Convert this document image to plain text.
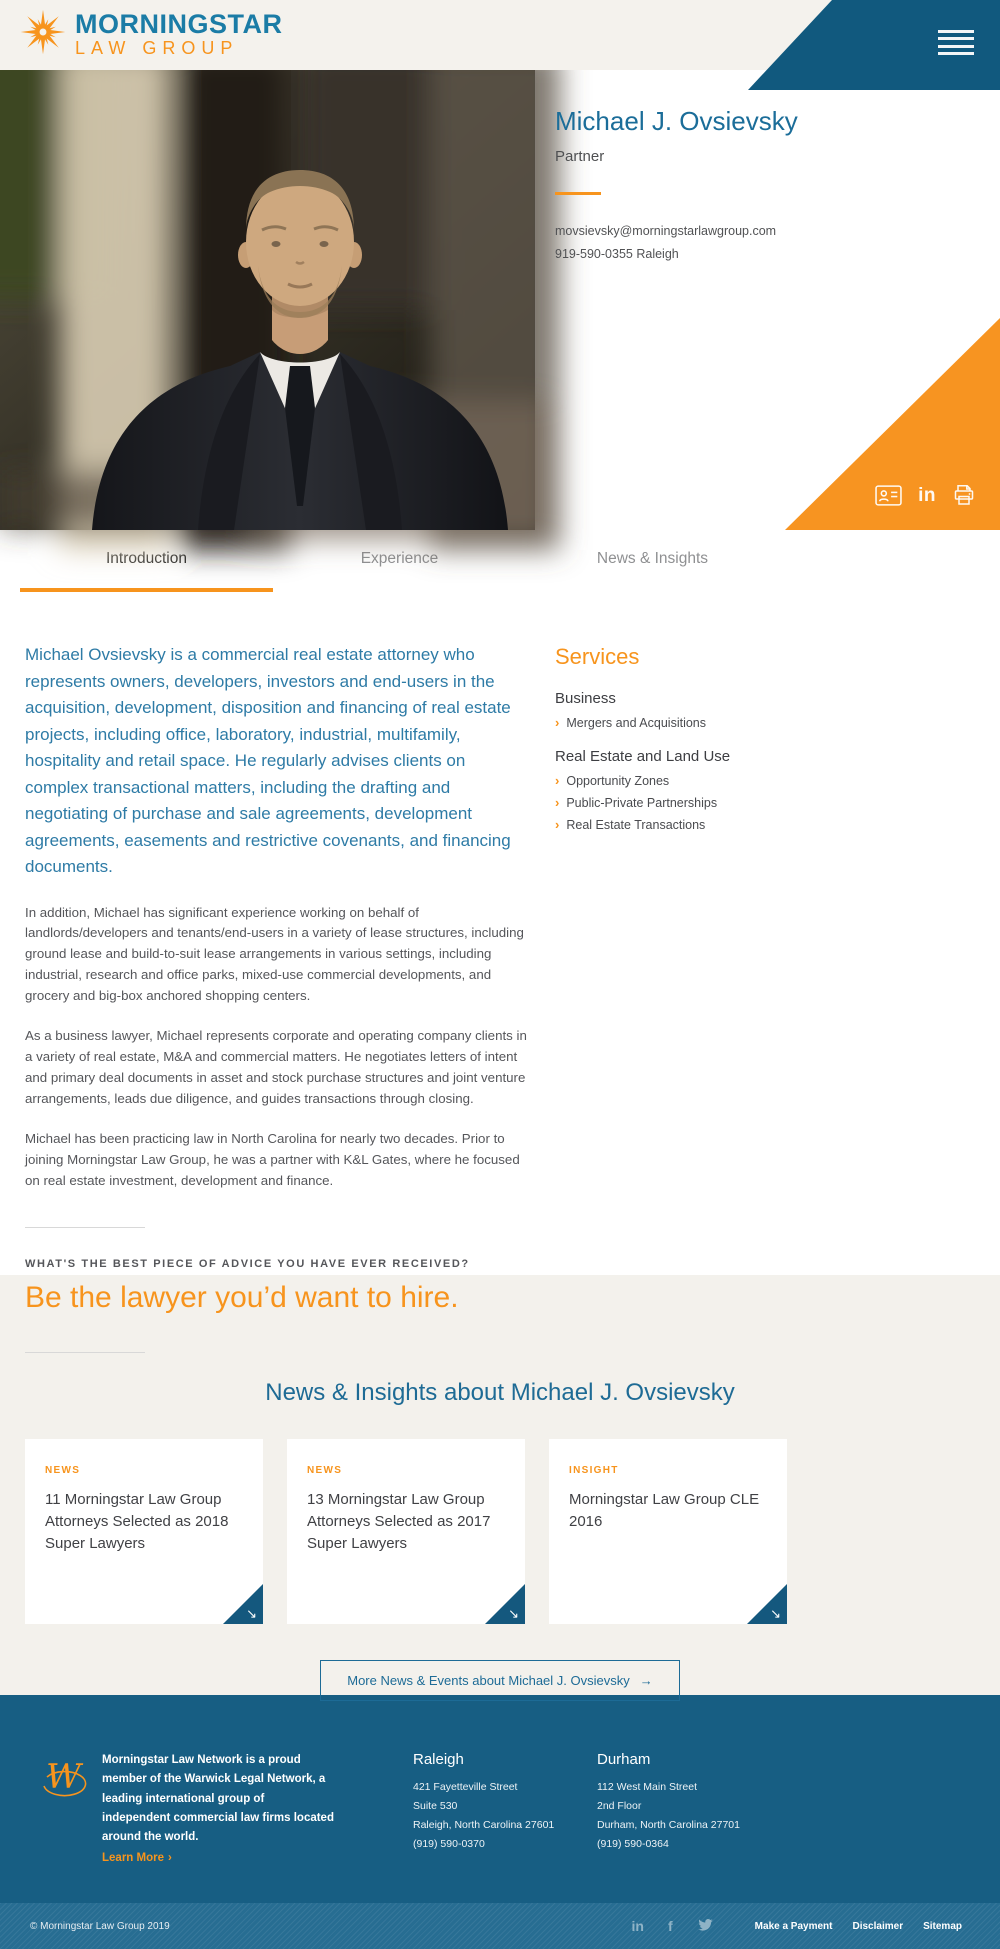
MORNINGSTAR
LAW GROUP
Michael J. Ovsievsky
Partner
movsievsky@morningstarlawgroup.com
919-590-0355 Raleigh
in
Introduction	Experience	News & Insights

Michael Ovsievsky is a commercial real estate attorney who represents owners, developers, investors and end-users in the acquisition, development, disposition and financing of real estate projects, including office, laboratory, industrial, multifamily, hospitality and retail space. He regularly advises clients on complex transactional matters, including the drafting and negotiating of purchase and sale agreements, development agreements, easements and restrictive covenants, and financing documents.

In addition, Michael has significant experience working on behalf of landlords/developers and tenants/end-users in a variety of lease structures, including ground lease and build-to-suit lease arrangements in various settings, including industrial, research and office parks, mixed-use commercial developments, and grocery and big-box anchored shopping centers.

As a business lawyer, Michael represents corporate and operating company clients in a variety of real estate, M&A and commercial matters. He negotiates letters of intent and primary deal documents in asset and stock purchase structures and joint venture arrangements, leads due diligence, and guides transactions through closing.

Michael has been practicing law in North Carolina for nearly two decades. Prior to joining Morningstar Law Group, he was a partner with K&L Gates, where he focused on real estate investment, development and finance.

WHAT'S THE BEST PIECE OF ADVICE YOU HAVE EVER RECEIVED?

Be the lawyer you’d want to hire.

Services
Business
› Mergers and Acquisitions
Real Estate and Land Use
› Opportunity Zones
› Public-Private Partnerships
› Real Estate Transactions
News & Insights about Michael J. Ovsievsky
NEWS
11 Morningstar Law Group Attorneys Selected as 2018 Super Lawyers
↘
NEWS
13 Morningstar Law Group Attorneys Selected as 2017 Super Lawyers
↘
INSIGHT
Morningstar Law Group CLE 2016
↘
More News & Events about Michael J. Ovsievsky →
W Morningstar Law Network is a proud member of the Warwick Legal Network, a leading international group of independent commercial law firms located around the world.

Learn More ›
Raleigh
421 Fayetteville Street
Suite 530
Raleigh, North Carolina 27601
(919) 590-0370
Durham
112 West Main Street
2nd Floor
Durham, North Carolina 27701
(919) 590-0364
© Morningstar Law Group 2019	in f	Make a Payment Disclaimer Sitemap
